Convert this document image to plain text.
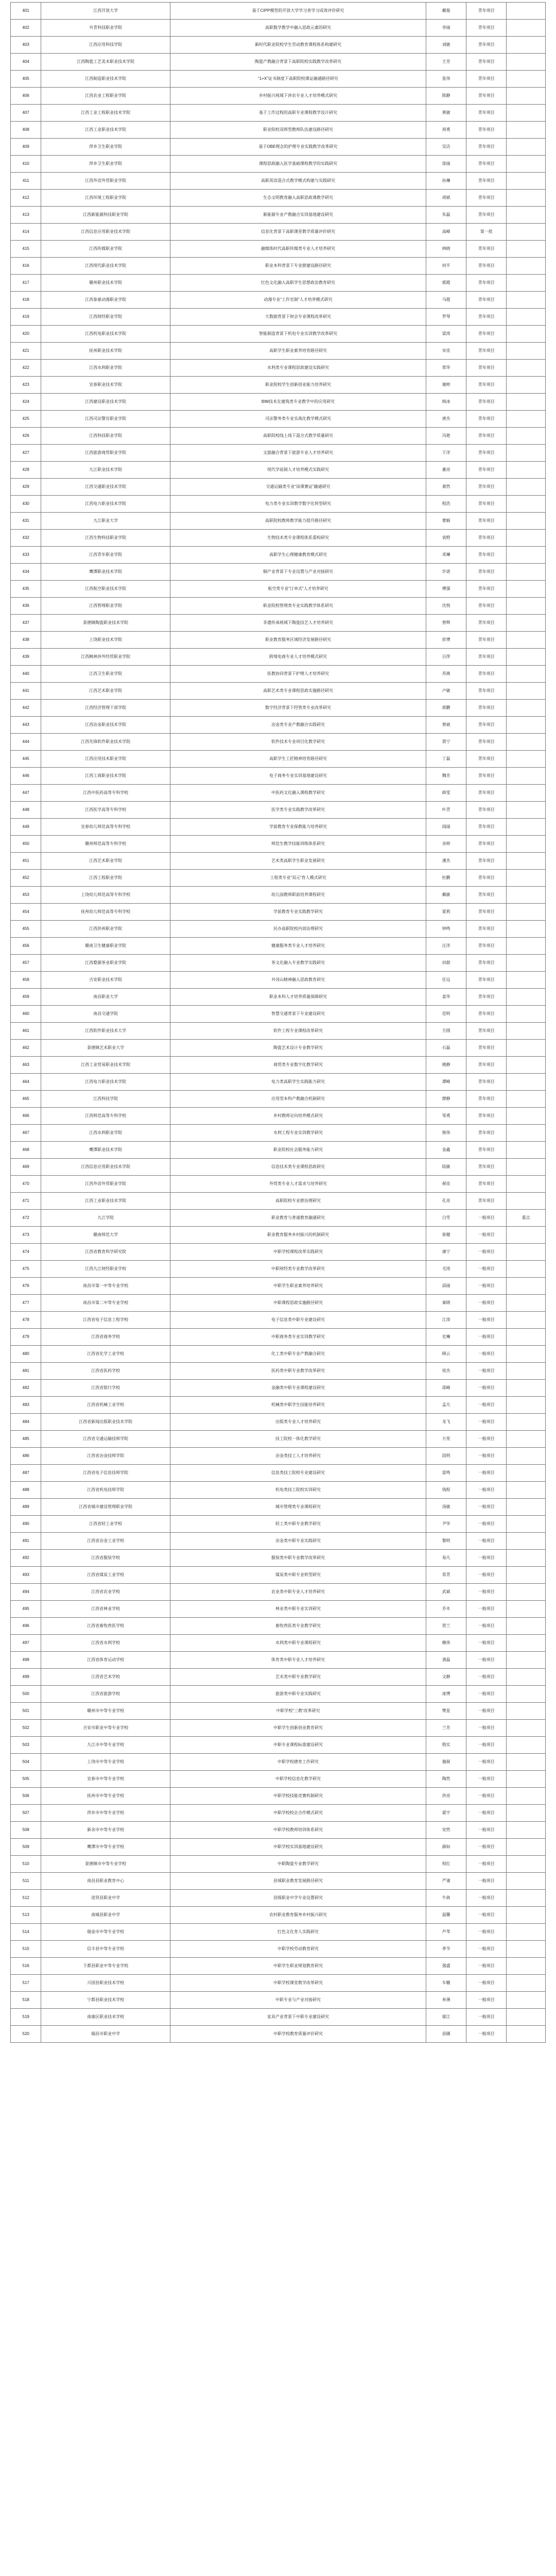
401	江西开放大学	基于CIPP模型的开放大学学习者学习成效评价研究	戴俊	青年项目	
402	共青科技职业学院	高职数学教学中融入思政元素的研究	李丽	青年项目	
403	江西应用科技学院	新时代职业院校学生劳动教育课程体系构建研究	刘敏	青年项目	
404	江西陶瓷工艺美术职业技术学院	陶瓷产教融合背景下高职院校实践教学改革研究	王芳	青年项目	
405	江西制造职业技术学院	“1+X”证书制度下高职院校课证融通路径研究	张伟	青年项目	
406	江西农业工程职业学院	乡村振兴视域下涉农专业人才培养模式研究	陈静	青年项目	
407	江西工业工程职业技术学院	基于工作过程的高职专业课程教学设计研究	黄敏	青年项目	
408	江西工业职业技术学院	职业院校双师型教师队伍建设路径研究	周勇	青年项目	
409	萍乡卫生职业学院	基于OBE理念的护理专业实践教学改革研究	吴洁	青年项目	
410	萍乡卫生职业学院	课程思政融入医学基础课程教学的实践研究	徐丽	青年项目	
411	江西外语外贸职业学院	高职英语混合式教学模式构建与实践研究	孙琳	青年项目	
412	江西环境工程职业学院	生态文明教育融入高职思政课教学研究	胡斌	青年项目	
413	江西新能源科技职业学院	新能源专业产教融合实训基地建设研究	朱磊	青年项目	
414	江西信息应用职业技术学院	信息化背景下高职课堂教学质量评价研究	高峰	第一批	
415	江西传媒职业学院	融媒体时代高职传媒类专业人才培养研究	林晓	青年项目	
416	江西现代职业技术学院	职业本科背景下专业群建设路径研究	何平	青年项目	
417	赣州职业技术学院	红色文化融入高职学生思想政治教育研究	郭霞	青年项目	
418	江西泰豪动漫职业学院	动漫专业“工作室制”人才培养模式研究	马超	青年项目	
419	江西财经职业学院	大数据背景下财会专业课程改革研究	罗琴	青年项目	
420	江西机电职业技术学院	智能制造背景下机电专业实训教学改革研究	梁涛	青年项目	
421	抚州职业技术学院	高职学生职业素养培育路径研究	宋佳	青年项目	
422	江西水利职业学院	水利类专业课程思政建设实践研究	郑华	青年项目	
423	宜春职业技术学院	职业院校学生创新创业能力培养研究	谢婷	青年项目	
424	江西建设职业技术学院	BIM技术在建筑类专业教学中的应用研究	韩冰	青年项目	
425	江西司法警官职业学院	司法警务类专业实战化教学模式研究	唐杰	青年项目	
426	江西科技职业学院	高职院校线上线下混合式教学质量研究	冯艳	青年项目	
427	江西旅游商贸职业学院	文旅融合背景下旅游专业人才培养研究	于洋	青年项目	
428	九江职业技术学院	现代学徒制人才培养模式实践研究	董亮	青年项目	
429	江西交通职业技术学院	交通运输类专业“岗课赛证”融通研究	萧然	青年项目	
430	江西电力职业技术学院	电力类专业实训教学数字化转型研究	程浩	青年项目	
431	九江职业大学	高职院校教师教学能力提升路径研究	曹颖	青年项目	
432	江西生物科技职业学院	生物技术类专业课程体系重构研究	袁野	青年项目	
433	江西青年职业学院	高职学生心理健康教育模式研究	邓琳	青年项目	
434	鹰潭职业技术学院	铜产业背景下专业设置与产业对接研究	许诺	青年项目	
435	江西航空职业技术学院	航空类专业“订单式”人才培养研究	傅强	青年项目	
436	江西管理职业学院	职业院校管理类专业实践教学体系研究	沈悦	青年项目	
437	景德镇陶瓷职业技术学院	非遗传承视域下陶瓷技艺人才培养研究	曾辉	青年项目	
438	上饶职业技术学院	职业教育服务区域经济发展路径研究	彭博	青年项目	
439	江西枫林涉外经贸职业学院	跨境电商专业人才培养模式研究	吕萍	青年项目	
440	江西卫生职业学院	医教协同背景下护理人才培养研究	苏燕	青年项目	
441	江西艺术职业学院	高职艺术类专业课程思政实施路径研究	卢敏	青年项目	
442	江西经济管理干部学院	数字经济背景下经管类专业改革研究	蒋鹏	青年项目	
443	江西冶金职业技术学院	冶金类专业产教融合实践研究	蔡斌	青年项目	
444	江西先锋软件职业技术学院	软件技术专业项目化教学研究	贾宁	青年项目	
445	江西应用技术职业学院	高职学生工匠精神培育路径研究	丁磊	青年项目	
446	江西工商职业技术学院	电子商务专业实训基地建设研究	魏芳	青年项目	
447	江西中医药高等专科学校	中医药文化融入课程教学研究	薛雯	青年项目	
448	江西医学高等专科学校	医学类专业实践教学改革研究	叶青	青年项目	
449	宜春幼儿师范高等专科学校	学前教育专业保教能力培养研究	阎丽	青年项目	
450	赣州师范高等专科学校	师范生教学技能训练体系研究	余婷	青年项目	
451	江西艺术职业学院	艺术类高职学生职业发展研究	潘杰	青年项目	
452	江西工程职业学院	工程类专业“双元”育人模式研究	杜鹏	青年项目	
453	上饶幼儿师范高等专科学校	幼儿园教师职前培养课程研究	戴敏	青年项目	
454	抚州幼儿师范高等专科学校	学前教育专业实践教学研究	夏莉	青年项目	
455	江西洪州职业学院	民办高职院校内部治理研究	钟鸣	青年项目	
456	赣南卫生健康职业学院	健康服务类专业人才培养研究	汪洋	青年项目	
457	江西婺源茶业职业学院	茶文化融入专业教学实践研究	田甜	青年项目	
458	吉安职业技术学院	井冈山精神融入思政教育研究	任远	青年项目	
459	南昌职业大学	职业本科人才培养质量保障研究	姜华	青年项目	
460	南昌交通学院	智慧交通背景下专业建设研究	范明	青年项目	
461	江西软件职业技术大学	软件工程专业课程改革研究	方圆	青年项目	
462	景德镇艺术职业大学	陶瓷艺术设计专业教学研究	石磊	青年项目	
463	江西工业贸易职业技术学院	商贸类专业数字化教学研究	姚静	青年项目	
464	江西电力职业技术学院	电力类高职学生实践能力研究	谭峰	青年项目	
465	江西科技学院	应用型本科产教融合机制研究	廖静	青年项目	
466	江西师范高等专科学校	乡村教师定向培养模式研究	邹勇	青年项目	
467	江西水利职业学院	水利工程专业实训教学研究	熊伟	青年项目	
468	鹰潭职业技术学院	职业院校社会服务能力研究	金鑫	青年项目	
469	江西信息应用职业技术学院	信息技术类专业课程思政研究	陆敏	青年项目	
470	江西外语外贸职业学院	外贸类专业人才需求与培养研究	郝佳	青年项目	
471	江西工业职业技术学院	高职院校专业群治理研究	孔亮	青年项目	
472	九江学院	职业教育与普通教育融通研究	白雪	一般项目	重点
473	赣南师范大学	职业教育服务乡村振兴的机制研究	崔健	一般项目	
474	江西省教育科学研究院	中职学校课程改革实践研究	康宁	一般项目	
475	江西九江财经职业学校	中职财经类专业教学改革研究	毛涛	一般项目	
476	南昌市第一中等专业学校	中职学生职业素养培养研究	邱丽	一般项目	
477	南昌市第二中等专业学校	中职课程思政实施路径研究	秦朗	一般项目	
478	江西省电子信息工程学校	电子信息类中职专业建设研究	江涛	一般项目	
479	江西省商务学校	中职商务类专业实训教学研究	史琳	一般项目	
480	江西省化学工业学校	化工类中职专业产教融合研究	顾云	一般项目	
481	江西省医药学校	医药类中职专业教学改革研究	侯杰	一般项目	
482	江西省银行学校	金融类中职专业课程建设研究	邵峰	一般项目	
483	江西省机械工业学校	机械类中职学生技能培养研究	孟凡	一般项目	
484	江西省新闻出版职业技术学院	出版类专业人才培养研究	龙飞	一般项目	
485	江西省交通运输技师学院	技工院校一体化教学研究	万里	一般项目	
486	江西省冶金技师学院	冶金类技工人才培养研究	段明	一般项目	
487	江西省电子信息技师学院	信息类技工院校专业建设研究	雷鸣	一般项目	
488	江西省机电技师学院	机电类技工院校实训研究	钱程	一般项目	
489	江西省城市建设管理职业学院	城市管理类专业课程研究	汤敏	一般项目	
490	江西省轻工业学校	轻工类中职专业教学研究	尹华	一般项目	
491	江西省冶金工业学校	冶金类中职专业实践研究	黎明	一般项目	
492	江西省服装学校	服装类中职专业教学改革研究	易凡	一般项目	
493	江西省煤炭工业学校	煤炭类中职专业转型研究	常青	一般项目	
494	江西省农业学校	农业类中职专业人才培养研究	武斌	一般项目	
495	江西省林业学校	林业类中职专业实训研究	乔木	一般项目	
496	江西省畜牧兽医学校	畜牧兽医类专业教学研究	贺兰	一般项目	
497	江西省水利学校	水利类中职专业课程研究	赖伟	一般项目	
498	江西省体育运动学校	体育类中职专业人才培养研究	龚磊	一般项目	
499	江西省艺术学校	艺术类中职专业教学研究	文静	一般项目	
500	江西省旅游学校	旅游类中职专业实践研究	庞博	一般项目	
501	赣州市中等专业学校	中职学校“三教”改革研究	樊星	一般项目	
502	吉安市职业中等专业学校	中职学生创新创业教育研究	兰芳	一般项目	
503	九江市中等专业学校	中职专业课程标准建设研究	殷实	一般项目	
504	上饶市中等专业学校	中职学校德育工作研究	施展	一般项目	
505	宜春市中等专业学校	中职学校信息化教学研究	陶然	一般项目	
506	抚州市中等专业学校	中职学校技能竞赛机制研究	洪亮	一般项目	
507	萍乡市中等专业学校	中职学校校企合作模式研究	翟宇	一般项目	
508	新余市中等专业学校	中职学校教师培训体系研究	安然	一般项目	
509	鹰潭市中等专业学校	中职学校实训基地建设研究	颜如	一般项目	
510	景德镇市中等专业学校	中职陶瓷专业教学研究	倪红	一般项目	
511	南昌县职业教育中心	县域职业教育发展路径研究	严谨	一般项目	
512	进贤县职业中学	县级职业中学专业设置研究	牛犇	一般项目	
513	南城县职业中学	农村职业教育服务乡村振兴研究	温馨	一般项目	
514	瑞金市中等专业学校	红色文化育人实践研究	芦苇	一般项目	
515	信丰县中等专业学校	中职学校劳动教育研究	季节	一般项目	
516	于都县职业中等专业学校	中职学生职业规划教育研究	强盛	一般项目	
517	兴国县职业技术学校	中职学校课堂教学改革研究	车辙	一般项目	
518	宁都县职业技术学校	中职专业与产业对接研究	单薄	一般项目	
519	南康区职业技术学校	家具产业背景下中职专业建设研究	邬江	一般项目	
520	瑞昌市职业中学	中职学校教育质量评价研究	苗圃	一般项目	
